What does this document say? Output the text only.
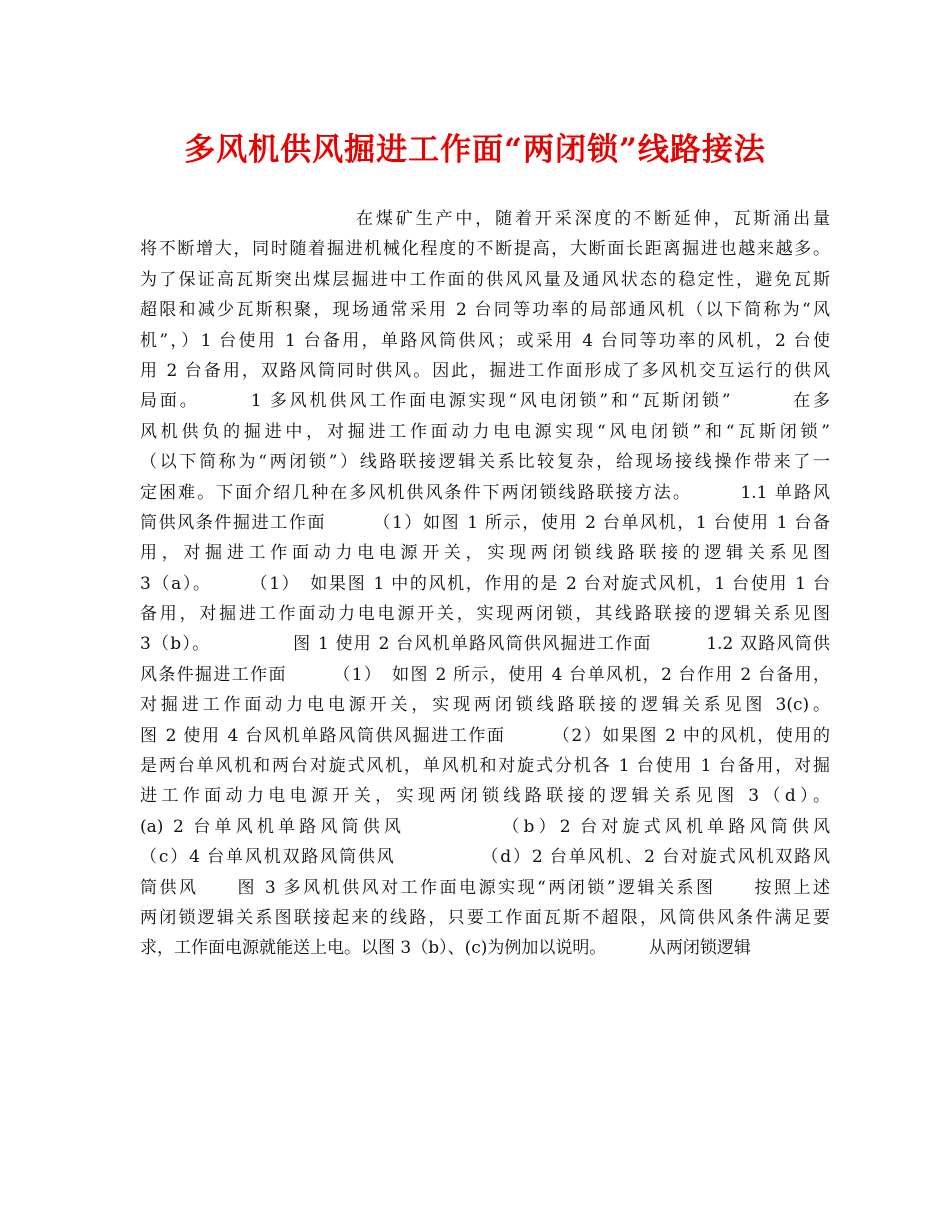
多风机供风掘进工作面“两闭锁”线路接法
在煤矿生产中，随着开采深度的不断延伸，瓦斯涌出量
将不断增大，同时随着掘进机械化程度的不断提高，大断面长距离掘进也越来越多。
为了保证高瓦斯突出煤层掘进中工作面的供风风量及通风状态的稳定性，避免瓦斯
超限和减少瓦斯积聚，现场通常采用 2 台同等功率的局部通风机（以下简称为“风
机”，）1 台使用 1 台备用，单路风筒供风；或采用 4 台同等功率的风机，2 台使
用 2 台备用，双路风筒同时供风。因此，掘进工作面形成了多风机交互运行的供风
局面。　　　1 多风机供风工作面电源实现“风电闭锁”和“瓦斯闭锁”　　　在多
风机供负的掘进中，对掘进工作面动力电电源实现“风电闭锁”和“瓦斯闭锁”
（以下简称为“两闭锁”）线路联接逻辑关系比较复杂，给现场接线操作带来了一
定困难。下面介绍几种在多风机供风条件下两闭锁线路联接方法。　　　1.1 单路风
筒供风条件掘进工作面　　　（1）如图 1 所示，使用 2 台单风机，1 台使用 1 台备
用，对掘进工作面动力电电源开关，实现两闭锁线路联接的逻辑关系见图
3（a）。　　　（1）　如果图 1 中的风机，作用的是 2 台对旋式风机，1 台使用 1 台
备用，对掘进工作面动力电电源开关，实现两闭锁，其线路联接的逻辑关系见图
3（b）。　　　　　图 1 使用 2 台风机单路风筒供风掘进工作面　　　1.2 双路风筒供
风条件掘进工作面　　　（1）　如图 2 所示，使用 4 台单风机，2 台作用 2 台备用，
对掘进工作面动力电电源开关，实现两闭锁线路联接的逻辑关系见图 3(c)。
图 2 使用 4 台风机单路风筒供风掘进工作面　　　（2）如果图 2 中的风机，使用的
是两台单风机和两台对旋式风机，单风机和对旋式分机各 1 台使用 1 台备用，对掘
进工作面动力电电源开关，实现两闭锁线路联接的逻辑关系见图 3（d）。
(a) 2 台单风机单路风筒供风　　　　　（b）2 台对旋式风机单路风筒供风
（c）4 台单风机双路风筒供风　　　　　（d）2 台单风机、2 台对旋式风机双路风
筒供风　　图 3 多风机供风对工作面电源实现“两闭锁”逻辑关系图　　按照上述
两闭锁逻辑关系图联接起来的线路，只要工作面瓦斯不超限，风筒供风条件满足要
求，工作面电源就能送上电。以图 3（b）、(c)为例加以说明。　　　从两闭锁逻辑
